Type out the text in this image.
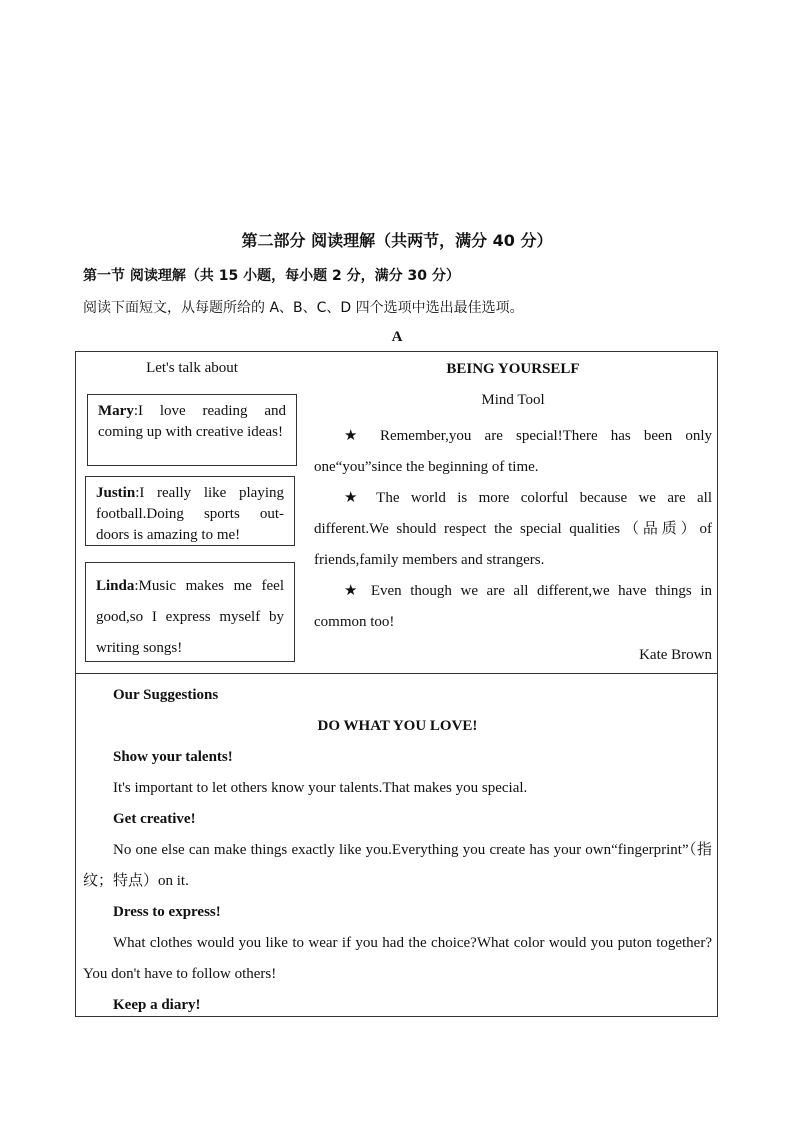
第二部分 阅读理解（共两节，满分 40 分）
第一节 阅读理解（共 15 小题，每小题 2 分，满分 30 分）
阅读下面短文，从每题所给的 A、B、C、D 四个选项中选出最佳选项。
A
Let's talk about
Mary:I love reading and coming up with creative ideas!
Justin:I really like playing football.Doing sports out-doors is amazing to me!
Linda:Music makes me feel good,so I express myself by writing songs!
BEING YOURSELF
Mind Tool

★ Remember,you are special!There has been only one“you”since the beginning of time.

★ The world is more colorful because we are all different.We should respect the special qualities（品质）of friends,family members and strangers.

★ Even though we are all different,we have things in common too!

Kate Brown

Our Suggestions

DO WHAT YOU LOVE!

Show your talents!

It's important to let others know your talents.That makes you special.

Get creative!

No one else can make things exactly like you.Everything you create has your own“fingerprint”（指纹；特点）on it.

Dress to express!

What clothes would you like to wear if you had the choice?What color would you puton together?You don't have to follow others!

Keep a diary!
